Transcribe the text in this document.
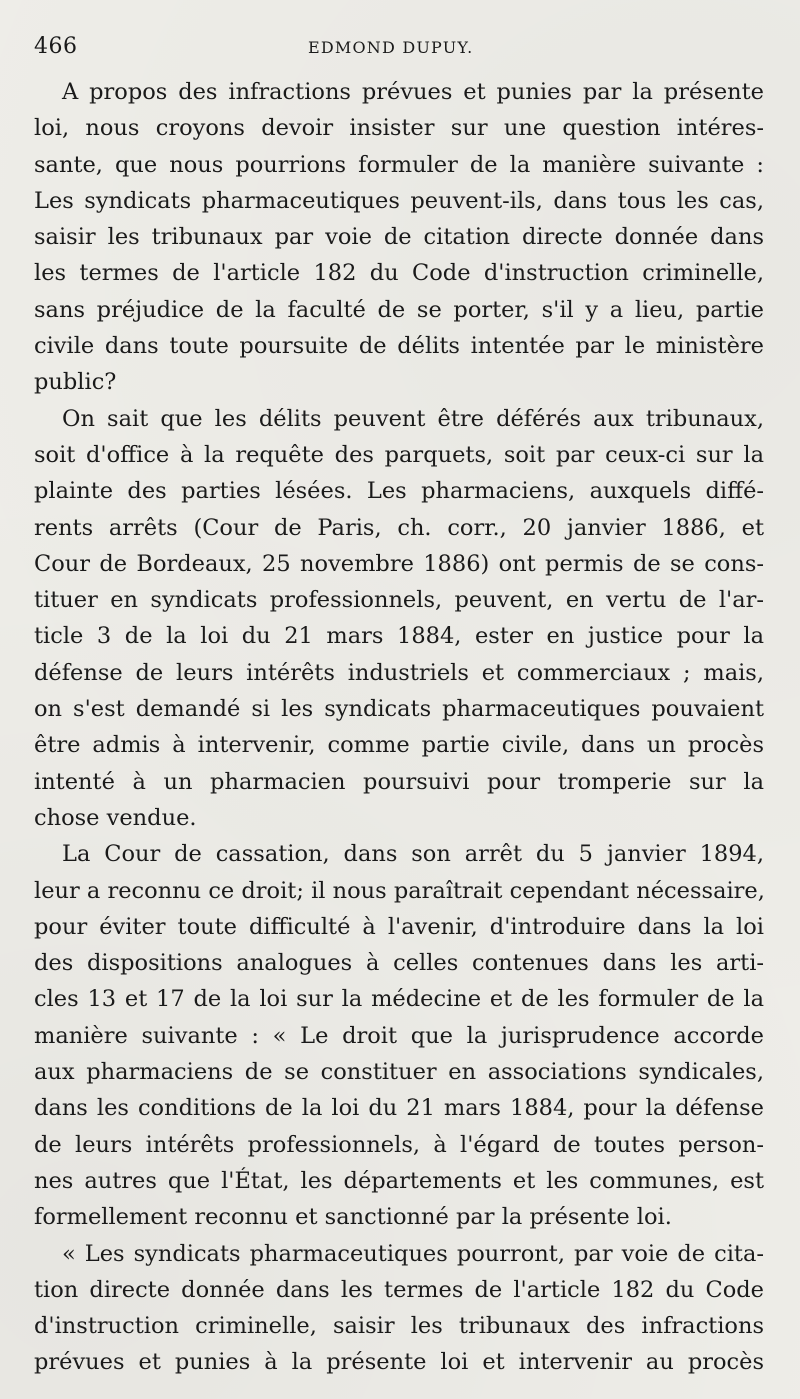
466	EDMOND DUPUY.
A propos des infractions prévues et punies par la présente
loi, nous croyons devoir insister sur une question intéres-
sante, que nous pourrions formuler de la manière suivante :
Les syndicats pharmaceutiques peuvent-ils, dans tous les cas,
saisir les tribunaux par voie de citation directe donnée dans
les termes de l'article 182 du Code d'instruction criminelle,
sans préjudice de la faculté de se porter, s'il y a lieu, partie
civile dans toute poursuite de délits intentée par le ministère
public?
On sait que les délits peuvent être déférés aux tribunaux,
soit d'office à la requête des parquets, soit par ceux-ci sur la
plainte des parties lésées. Les pharmaciens, auxquels diffé-
rents arrêts (Cour de Paris, ch. corr., 20 janvier 1886, et
Cour de Bordeaux, 25 novembre 1886) ont permis de se cons-
tituer en syndicats professionnels, peuvent, en vertu de l'ar-
ticle 3 de la loi du 21 mars 1884, ester en justice pour la
défense de leurs intérêts industriels et commerciaux ; mais,
on s'est demandé si les syndicats pharmaceutiques pouvaient
être admis à intervenir, comme partie civile, dans un procès
intenté à un pharmacien poursuivi pour tromperie sur la
chose vendue.
La Cour de cassation, dans son arrêt du 5 janvier 1894,
leur a reconnu ce droit; il nous paraîtrait cependant nécessaire,
pour éviter toute difficulté à l'avenir, d'introduire dans la loi
des dispositions analogues à celles contenues dans les arti-
cles 13 et 17 de la loi sur la médecine et de les formuler de la
manière suivante : « Le droit que la jurisprudence accorde
aux pharmaciens de se constituer en associations syndicales,
dans les conditions de la loi du 21 mars 1884, pour la défense
de leurs intérêts professionnels, à l'égard de toutes person-
nes autres que l'État, les départements et les communes, est
formellement reconnu et sanctionné par la présente loi.
« Les syndicats pharmaceutiques pourront, par voie de cita-
tion directe donnée dans les termes de l'article 182 du Code
d'instruction criminelle, saisir les tribunaux des infractions
prévues et punies à la présente loi et intervenir au procès
